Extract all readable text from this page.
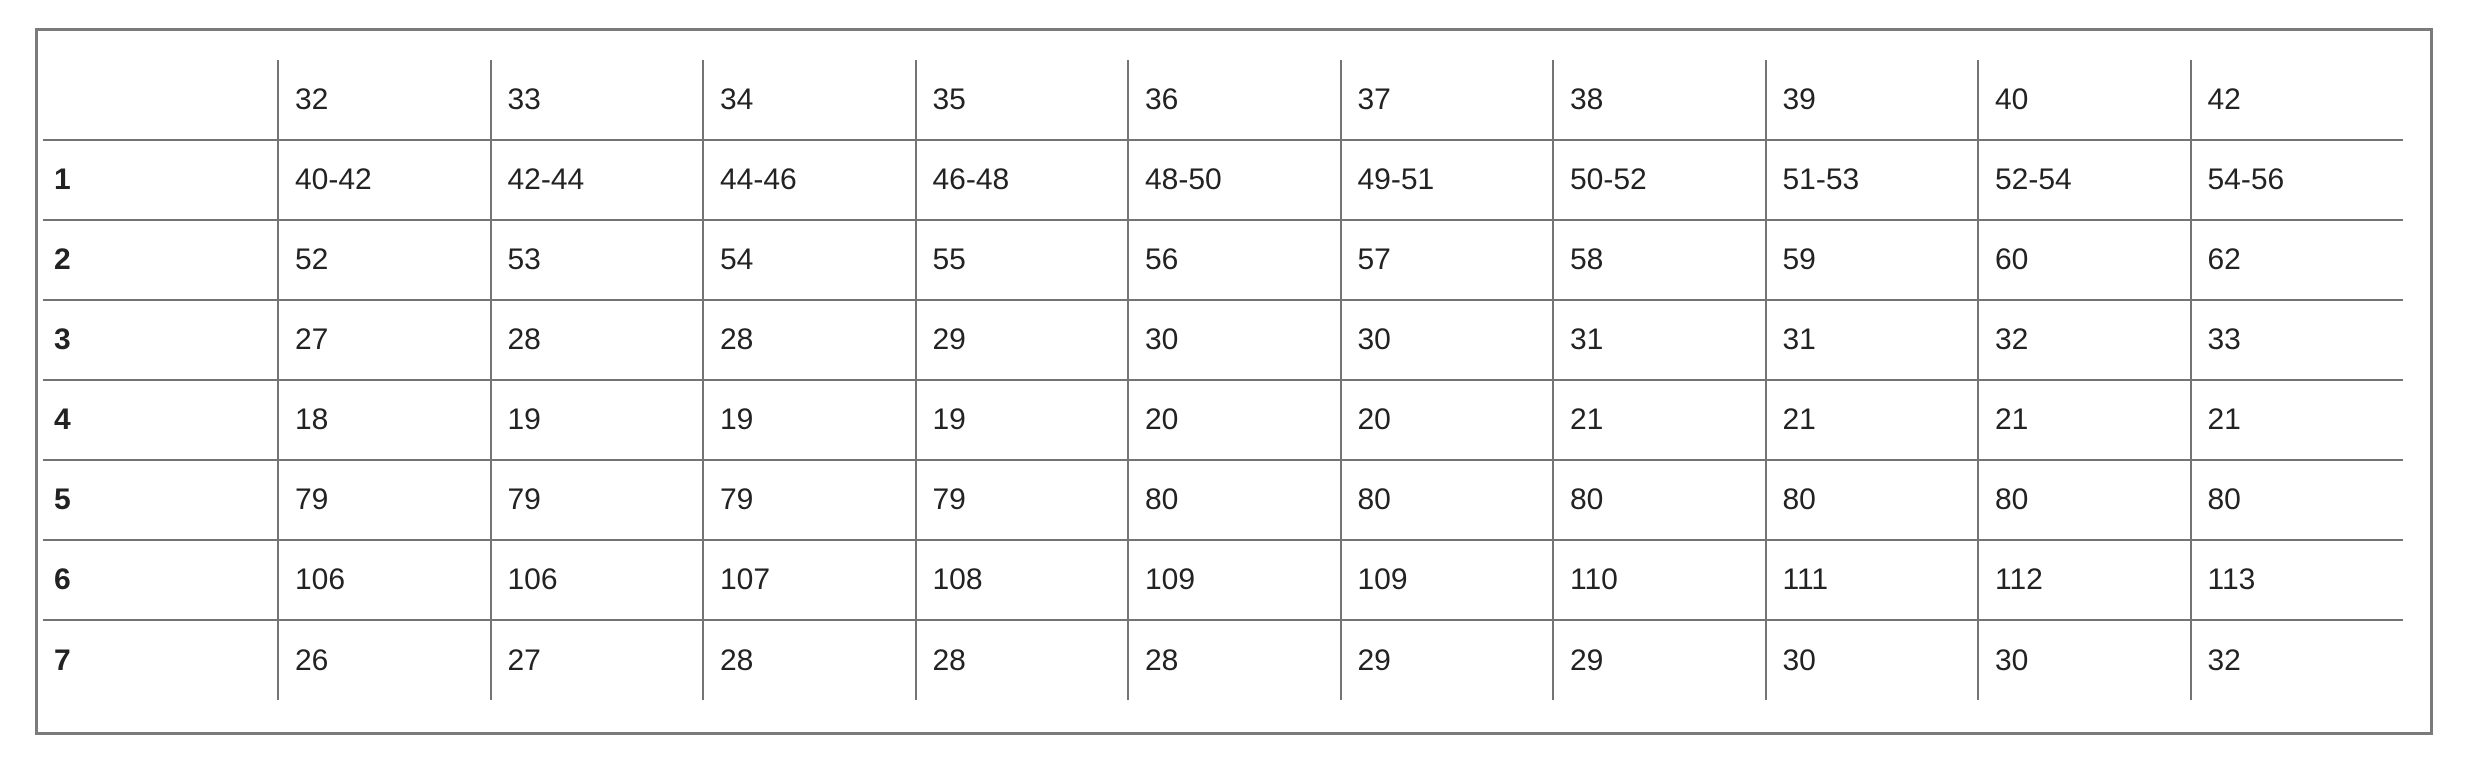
	32	33	34	35	36	37	38	39	40	42
1	40-42	42-44	44-46	46-48	48-50	49-51	50-52	51-53	52-54	54-56
2	52	53	54	55	56	57	58	59	60	62
3	27	28	28	29	30	30	31	31	32	33
4	18	19	19	19	20	20	21	21	21	21
5	79	79	79	79	80	80	80	80	80	80
6	106	106	107	108	109	109	110	111	112	113
7	26	27	28	28	28	29	29	30	30	32
